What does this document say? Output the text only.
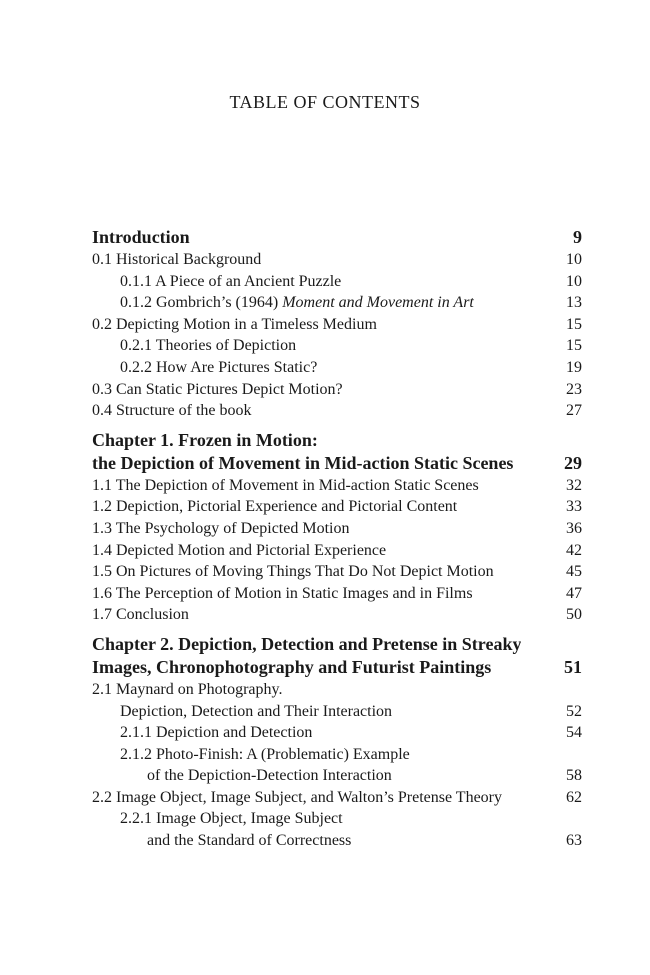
TABLE OF CONTENTS
Introduction	9
0.1 Historical Background	10
0.1.1 A Piece of an Ancient Puzzle	10
0.1.2 Gombrich’s (1964) Moment and Movement in Art	13
0.2 Depicting Motion in a Timeless Medium	15
0.2.1 Theories of Depiction	15
0.2.2 How Are Pictures Static?	19
0.3 Can Static Pictures Depict Motion?	23
0.4 Structure of the book	27
Chapter 1. Frozen in Motion:
the Depiction of Movement in Mid-action Static Scenes	29
1.1 The Depiction of Movement in Mid-action Static Scenes	32
1.2 Depiction, Pictorial Experience and Pictorial Content	33
1.3 The Psychology of Depicted Motion	36
1.4 Depicted Motion and Pictorial Experience	42
1.5 On Pictures of Moving Things That Do Not Depict Motion	45
1.6 The Perception of Motion in Static Images and in Films	47
1.7 Conclusion	50
Chapter 2. Depiction, Detection and Pretense in Streaky
Images, Chronophotography and Futurist Paintings	51
2.1 Maynard on Photography.
Depiction, Detection and Their Interaction	52
2.1.1 Depiction and Detection	54
2.1.2 Photo-Finish: A (Problematic) Example
of the Depiction-Detection Interaction	58
2.2 Image Object, Image Subject, and Walton’s Pretense Theory	62
2.2.1 Image Object, Image Subject
and the Standard of Correctness	63
